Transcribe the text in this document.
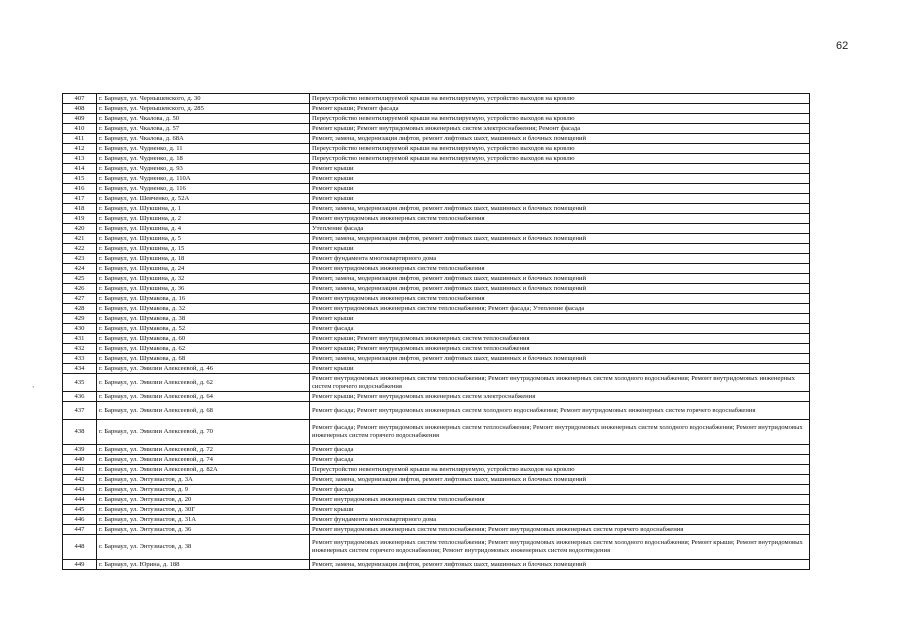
62
,
407	г. Барнаул, ул. Чернышевского, д. 30	Переустройство невентилируемой крыши на вентилируемую, устройство выходов на кровлю
408	г. Барнаул, ул. Чернышевского, д. 285	Ремонт крыши; Ремонт фасада
409	г. Барнаул, ул. Чкалова, д. 50	Переустройство невентилируемой крыши на вентилируемую, устройство выходов на кровлю
410	г. Барнаул, ул. Чкалова, д. 57	Ремонт крыши; Ремонт внутридомовых инженерных систем электроснабжения; Ремонт фасада
411	г. Барнаул, ул. Чкалова, д. 68А	Ремонт, замена, модернизация лифтов, ремонт лифтовых шахт, машинных и блочных помещений
412	г. Барнаул, ул. Чудненко, д. 11	Переустройство невентилируемой крыши на вентилируемую, устройство выходов на кровлю
413	г. Барнаул, ул. Чудненко, д. 18	Переустройство невентилируемой крыши на вентилируемую, устройство выходов на кровлю
414	г. Барнаул, ул. Чудненко, д. 93	Ремонт крыши
415	г. Барнаул, ул. Чудненко, д. 110А	Ремонт крыши
416	г. Барнаул, ул. Чудненко, д. 116	Ремонт крыши
417	г. Барнаул, ул. Шевченко, д. 52А	Ремонт крыши
418	г. Барнаул, ул. Шукшина, д. 1	Ремонт, замена, модернизация лифтов, ремонт лифтовых шахт, машинных и блочных помещений
419	г. Барнаул, ул. Шукшина, д. 2	Ремонт внутридомовых инженерных систем теплоснабжения
420	г. Барнаул, ул. Шукшина, д. 4	Утепление фасада
421	г. Барнаул, ул. Шукшина, д. 5	Ремонт, замена, модернизация лифтов, ремонт лифтовых шахт, машинных и блочных помещений
422	г. Барнаул, ул. Шукшина, д. 15	Ремонт крыши
423	г. Барнаул, ул. Шукшина, д. 18	Ремонт фундамента многоквартирного дома
424	г. Барнаул, ул. Шукшина, д. 24	Ремонт внутридомовых инженерных систем теплоснабжения
425	г. Барнаул, ул. Шукшина, д. 32	Ремонт, замена, модернизация лифтов, ремонт лифтовых шахт, машинных и блочных помещений
426	г. Барнаул, ул. Шукшина, д. 36	Ремонт, замена, модернизация лифтов, ремонт лифтовых шахт, машинных и блочных помещений
427	г. Барнаул, ул. Шумакова, д. 16	Ремонт внутридомовых инженерных систем теплоснабжения
428	г. Барнаул, ул. Шумакова, д. 32	Ремонт внутридомовых инженерных систем теплоснабжения; Ремонт фасада; Утепление фасада
429	г. Барнаул, ул. Шумакова, д. 38	Ремонт крыши
430	г. Барнаул, ул. Шумакова, д. 52	Ремонт фасада
431	г. Барнаул, ул. Шумакова, д. 60	Ремонт крыши; Ремонт внутридомовых инженерных систем теплоснабжения
432	г. Барнаул, ул. Шумакова, д. 62	Ремонт крыши; Ремонт внутридомовых инженерных систем теплоснабжения
433	г. Барнаул, ул. Шумакова, д. 68	Ремонт, замена, модернизация лифтов, ремонт лифтовых шахт, машинных и блочных помещений
434	г. Барнаул, ул. Эмилии Алексеевой, д. 46	Ремонт крыши
435	г. Барнаул, ул. Эмилии Алексеевой, д. 62	Ремонт внутридомовых инженерных систем теплоснабжения; Ремонт внутридомовых инженерных систем холодного водоснабжения; Ремонт внутридомовых инженерных систем горячего водоснабжения
436	г. Барнаул, ул. Эмилии Алексеевой, д. 64	Ремонт крыши; Ремонт внутридомовых инженерных систем электроснабжения
437	г. Барнаул, ул. Эмилии Алексеевой, д. 68	Ремонт фасада; Ремонт внутридомовых инженерных систем холодного водоснабжения; Ремонт внутридомовых инженерных систем горячего водоснабжения
438	г. Барнаул, ул. Эмилии Алексеевой, д. 70	Ремонт фасада; Ремонт внутридомовых инженерных систем теплоснабжения; Ремонт внутридомовых инженерных систем холодного водоснабжения; Ремонт внутридомовых инженерных систем горячего водоснабжения
439	г. Барнаул, ул. Эмилии Алексеевой, д. 72	Ремонт фасада
440	г. Барнаул, ул. Эмилии Алексеевой, д. 74	Ремонт фасада
441	г. Барнаул, ул. Эмилии Алексеевой, д. 82А	Переустройство невентилируемой крыши на вентилируемую, устройство выходов на кровлю
442	г. Барнаул, ул. Энтузиастов, д. 3А	Ремонт, замена, модернизация лифтов, ремонт лифтовых шахт, машинных и блочных помещений
443	г. Барнаул, ул. Энтузиастов, д. 9	Ремонт фасада
444	г. Барнаул, ул. Энтузиастов, д. 20	Ремонт внутридомовых инженерных систем теплоснабжения
445	г. Барнаул, ул. Энтузиастов, д. 30Г	Ремонт крыши
446	г. Барнаул, ул. Энтузиастов, д. 31А	Ремонт фундамента многоквартирного дома
447	г. Барнаул, ул. Энтузиастов, д. 36	Ремонт внутридомовых инженерных систем теплоснабжения; Ремонт внутридомовых инженерных систем горячего водоснабжения
448	г. Барнаул, ул. Энтузиастов, д. 38	Ремонт внутридомовых инженерных систем теплоснабжения; Ремонт внутридомовых инженерных систем холодного водоснабжения; Ремонт крыши; Ремонт внутридомовых инженерных систем горячего водоснабжения; Ремонт внутридомовых инженерных систем водоотведения
449	г. Барнаул, ул. Юрина, д. 188	Ремонт, замена, модернизация лифтов, ремонт лифтовых шахт, машинных и блочных помещений
